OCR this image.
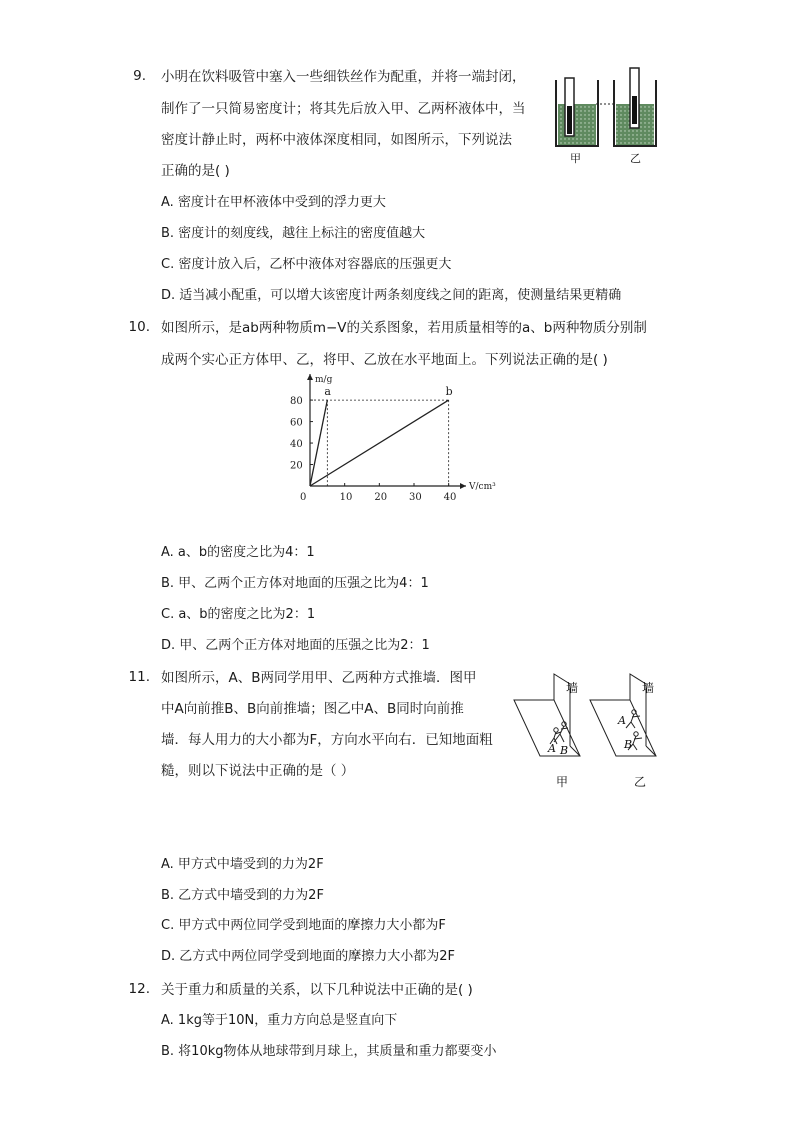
9. 小明在饮料吸管中塞入一些细铁丝作为配重，并将一端封闭，
制作了一只简易密度计；将其先后放入甲、乙两杯液体中，当
密度计静止时，两杯中液体深度相同，如图所示，下列说法
正确的是( )
A. 密度计在甲杯液体中受到的浮力更大
B. 密度计的刻度线，越往上标注的密度值越大
C. 密度计放入后，乙杯中液体对容器底的压强更大
D. 适当减小配重，可以增大该密度计两条刻度线之间的距离，使测量结果更精确
甲	乙
10. 如图所示，是ab两种物质m−V的关系图象，若用质量相等的a、b两种物质分别制
成两个实心正方体甲、乙，将甲、乙放在水平地面上。下列说法正确的是( )
m/g
V/cm³
0	10 20 30 40
20
40
60
80
a	b
A. a、b的密度之比为4：1
B. 甲、乙两个正方体对地面的压强之比为4：1
C. a、b的密度之比为2：1
D. 甲、乙两个正方体对地面的压强之比为2：1
11. 如图所示，A、B两同学用甲、乙两种方式推墙．图甲
中A向前推B、B向前推墙；图乙中A、B同时向前推
墙．每人用力的大小都为F，方向水平向右．已知地面粗
糙，则以下说法中正确的是（ ）
墙	墙
A B
A
B
甲	乙
A. 甲方式中墙受到的力为2F
B. 乙方式中墙受到的力为2F
C. 甲方式中两位同学受到地面的摩擦力大小都为F
D. 乙方式中两位同学受到地面的摩擦力大小都为2F
12. 关于重力和质量的关系，以下几种说法中正确的是( )
A. 1kg等于10N，重力方向总是竖直向下
B. 将10kg物体从地球带到月球上，其质量和重力都要变小
